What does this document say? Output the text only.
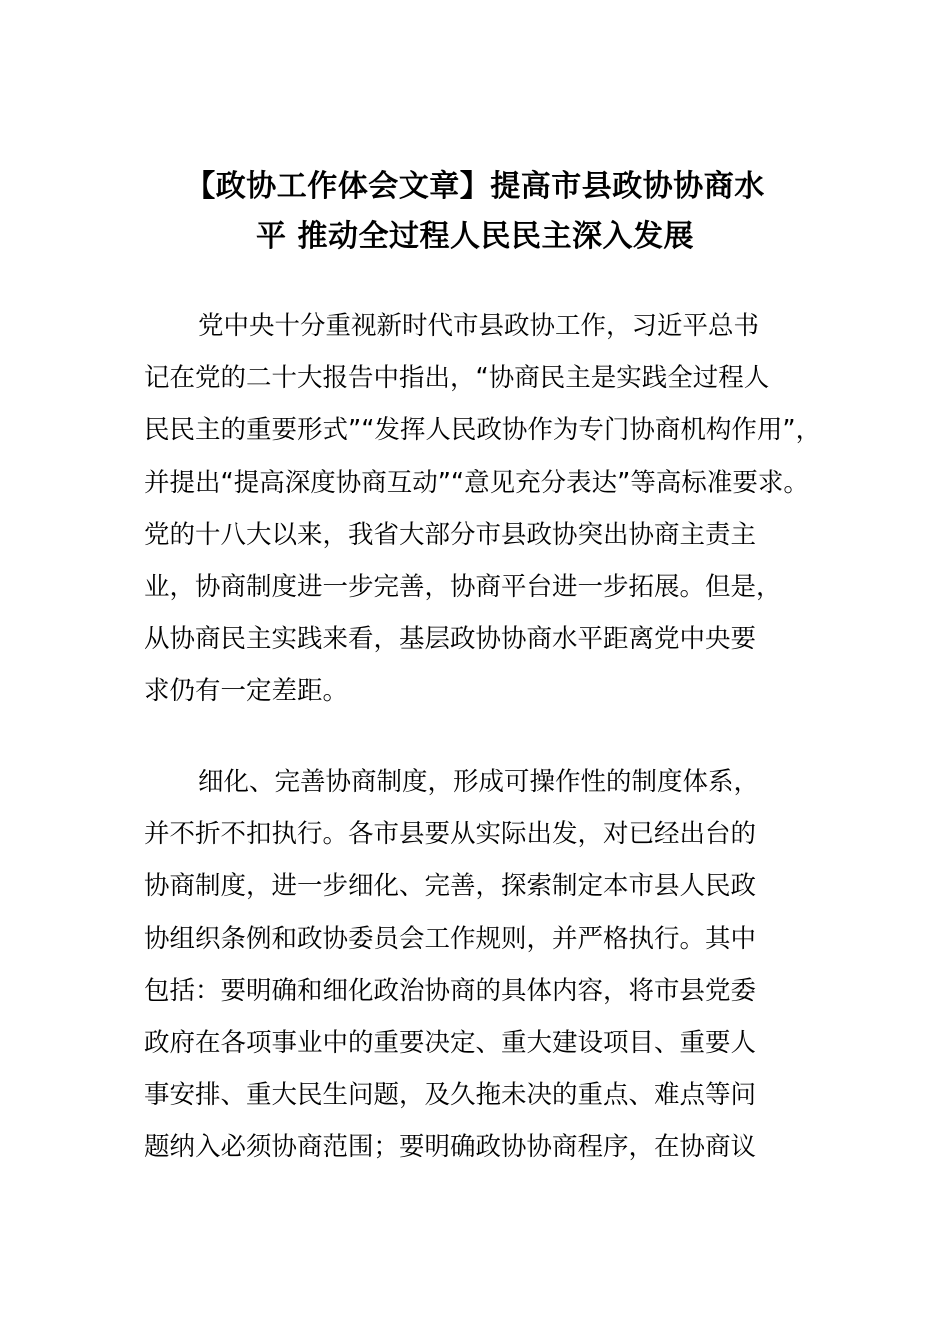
【政协工作体会文章】提高市县政协协商水
平 推动全过程人民民主深入发展
党中央十分重视新时代市县政协工作，习近平总书
记在党的二十大报告中指出，“协商民主是实践全过程人
民民主的重要形式”“发挥人民政协作为专门协商机构作用”，
并提出“提高深度协商互动”“意见充分表达”等高标准要求。
党的十八大以来，我省大部分市县政协突出协商主责主
业，协商制度进一步完善，协商平台进一步拓展。但是，
从协商民主实践来看，基层政协协商水平距离党中央要
求仍有一定差距。
细化、完善协商制度，形成可操作性的制度体系，
并不折不扣执行。各市县要从实际出发，对已经出台的
协商制度，进一步细化、完善，探索制定本市县人民政
协组织条例和政协委员会工作规则，并严格执行。其中
包括：要明确和细化政治协商的具体内容，将市县党委
政府在各项事业中的重要决定、重大建设项目、重要人
事安排、重大民生问题，及久拖未决的重点、难点等问
题纳入必须协商范围；要明确政协协商程序，在协商议
